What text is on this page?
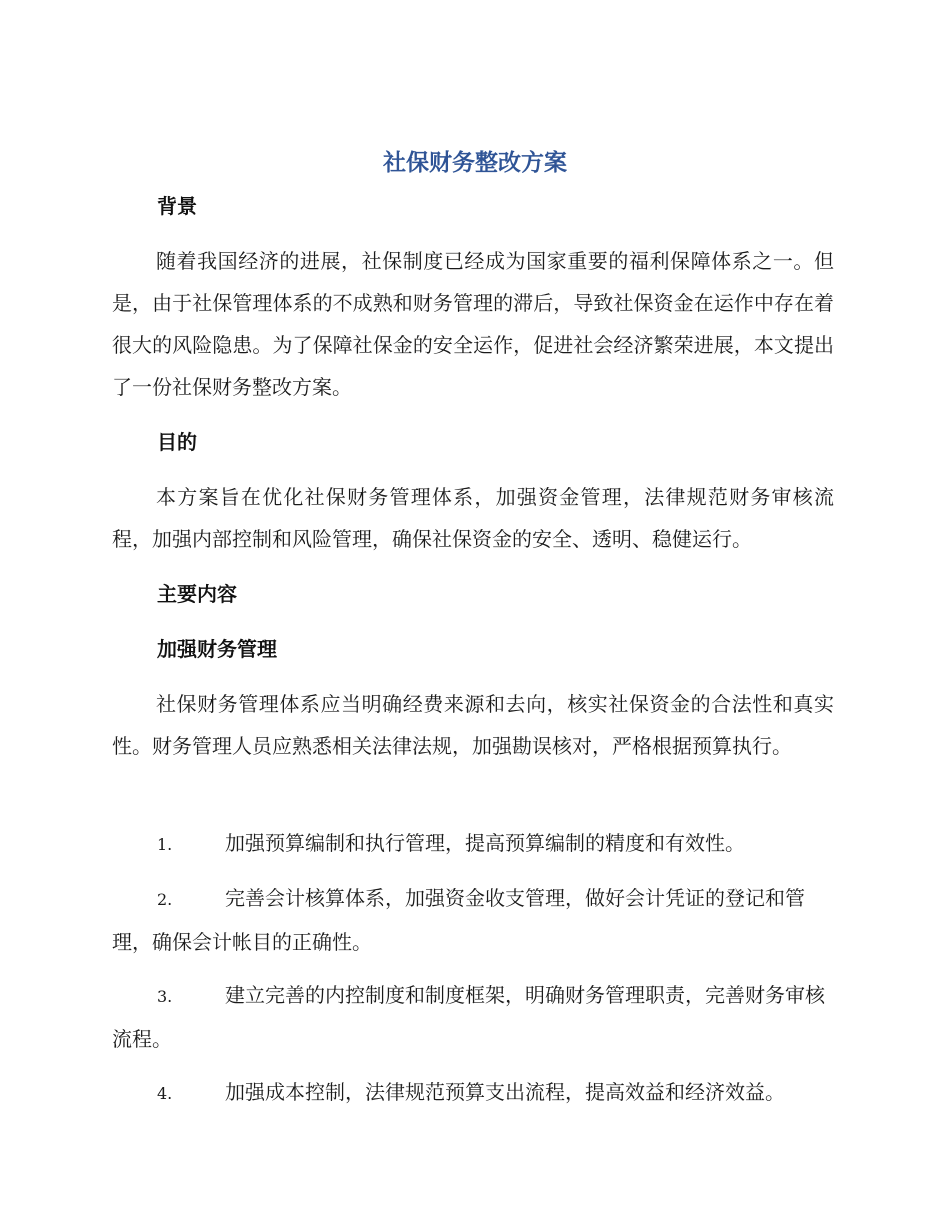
社保财务整改方案
背景
随着我国经济的进展，社保制度已经成为国家重要的福利保障体系之一。但是，由于社保管理体系的不成熟和财务管理的滞后，导致社保资金在运作中存在着很大的风险隐患。为了保障社保金的安全运作，促进社会经济繁荣进展，本文提出了一份社保财务整改方案。
目的
本方案旨在优化社保财务管理体系，加强资金管理，法律规范财务审核流程，加强内部控制和风险管理，确保社保资金的安全、透明、稳健运行。
主要内容
加强财务管理
社保财务管理体系应当明确经费来源和去向，核实社保资金的合法性和真实性。财务管理人员应熟悉相关法律法规，加强勘误核对，严格根据预算执行。
1.	加强预算编制和执行管理，提高预算编制的精度和有效性。
2.	完善会计核算体系，加强资金收支管理，做好会计凭证的登记和管理，确保会计帐目的正确性。
3.	建立完善的内控制度和制度框架，明确财务管理职责，完善财务审核流程。
4.	加强成本控制，法律规范预算支出流程，提高效益和经济效益。
